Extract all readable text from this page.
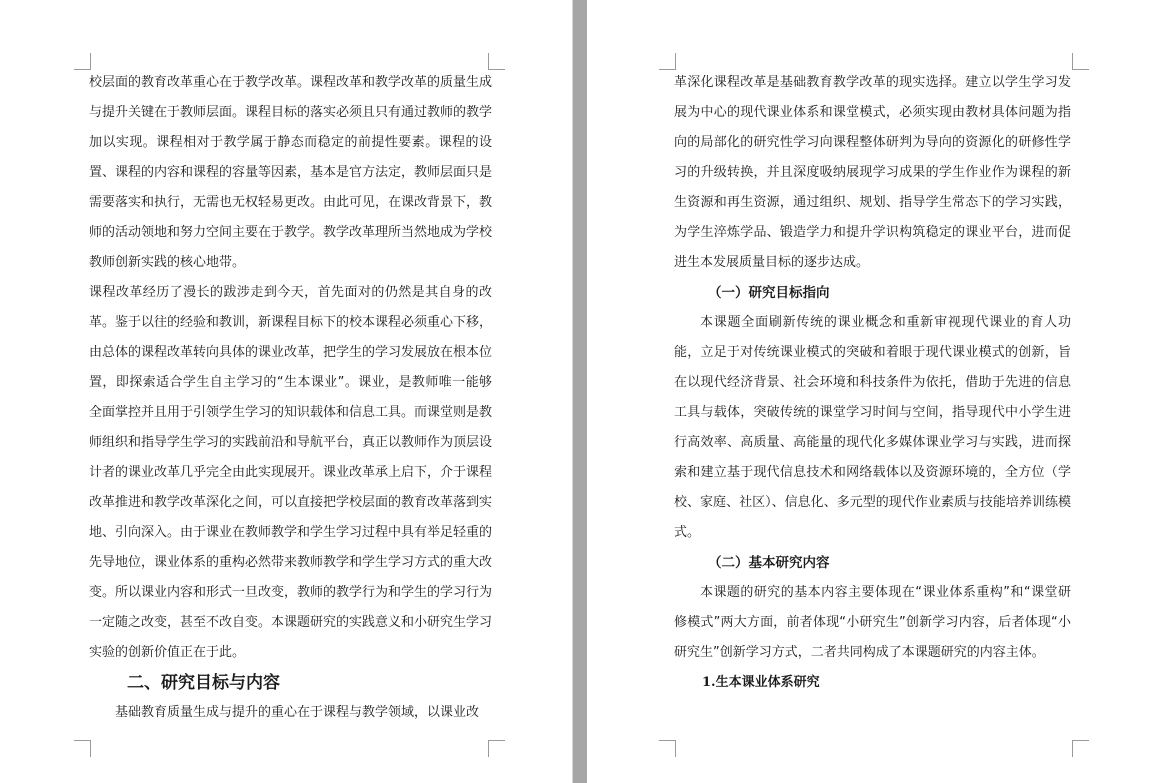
校层面的教育改革重心在于教学改革。课程改革和教学改革的质量生成与提升关键在于教师层面。课程目标的落实必须且只有通过教师的教学加以实现。课程相对于教学属于静态而稳定的前提性要素。课程的设置、课程的内容和课程的容量等因素，基本是官方法定，教师层面只是需要落实和执行，无需也无权轻易更改。由此可见，在课改背景下，教师的活动领地和努力空间主要在于教学。教学改革理所当然地成为学校教师创新实践的核心地带。

课程改革经历了漫长的跋涉走到今天，首先面对的仍然是其自身的改革。鉴于以往的经验和教训，新课程目标下的校本课程必须重心下移，由总体的课程改革转向具体的课业改革，把学生的学习发展放在根本位置，即探索适合学生自主学习的“生本课业”。课业，是教师唯一能够全面掌控并且用于引领学生学习的知识载体和信息工具。而课堂则是教师组织和指导学生学习的实践前沿和导航平台，真正以教师作为顶层设计者的课业改革几乎完全由此实现展开。课业改革承上启下，介于课程改革推进和教学改革深化之间，可以直接把学校层面的教育改革落到实地、引向深入。由于课业在教师教学和学生学习过程中具有举足轻重的先导地位，课业体系的重构必然带来教师教学和学生学习方式的重大改变。所以课业内容和形式一旦改变，教师的教学行为和学生的学习行为一定随之改变，甚至不改自变。本课题研究的实践意义和小研究生学习实验的创新价值正在于此。

二、研究目标与内容

基础教育质量生成与提升的重心在于课程与教学领域，以课业改

革深化课程改革是基础教育教学改革的现实选择。建立以学生学习发展为中心的现代课业体系和课堂模式，必须实现由教材具体问题为指向的局部化的研究性学习向课程整体研判为导向的资源化的研修性学习的升级转换，并且深度吸纳展现学习成果的学生作业作为课程的新生资源和再生资源，通过组织、规划、指导学生常态下的学习实践，为学生淬炼学品、锻造学力和提升学识构筑稳定的课业平台，进而促进生本发展质量目标的逐步达成。

（一）研究目标指向

本课题全面刷新传统的课业概念和重新审视现代课业的育人功能，立足于对传统课业模式的突破和着眼于现代课业模式的创新，旨在以现代经济背景、社会环境和科技条件为依托，借助于先进的信息工具与载体，突破传统的课堂学习时间与空间，指导现代中小学生进行高效率、高质量、高能量的现代化多媒体课业学习与实践，进而探索和建立基于现代信息技术和网络载体以及资源环境的，全方位（学校、家庭、社区）、信息化、多元型的现代作业素质与技能培养训练模式。

（二）基本研究内容

本课题的研究的基本内容主要体现在“课业体系重构”和“课堂研修模式”两大方面，前者体现“小研究生”创新学习内容，后者体现“小研究生”创新学习方式，二者共同构成了本课题研究的内容主体。

1.生本课业体系研究
